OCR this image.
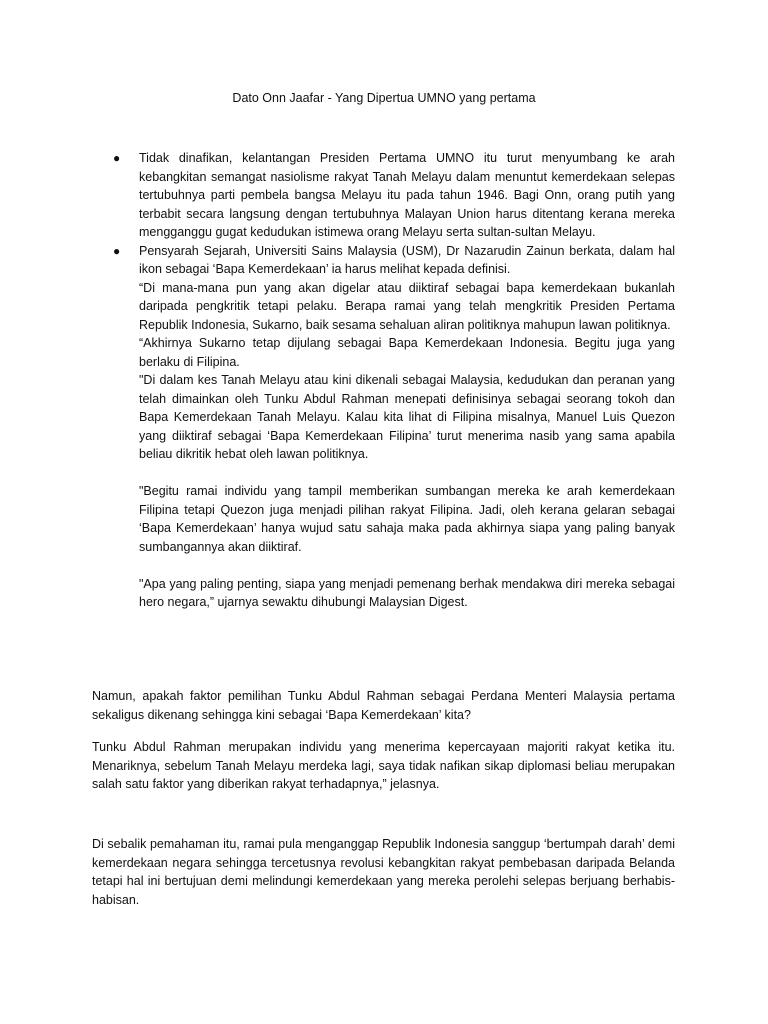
Dato Onn Jaafar - Yang Dipertua UMNO yang pertama
● Tidak dinafikan, kelantangan Presiden Pertama UMNO itu turut menyumbang ke arah kebangkitan semangat nasiolisme rakyat Tanah Melayu dalam menuntut kemerdekaan selepas tertubuhnya parti pembela bangsa Melayu itu pada tahun 1946. Bagi Onn, orang putih yang terbabit secara langsung dengan tertubuhnya Malayan Union harus ditentang kerana mereka mengganggu gugat kedudukan istimewa orang Melayu serta sultan-sultan Melayu.

● Pensyarah Sejarah, Universiti Sains Malaysia (USM), Dr Nazarudin Zainun berkata, dalam hal ikon sebagai ‘Bapa Kemerdekaan’ ia harus melihat kepada definisi.

“Di mana-mana pun yang akan digelar atau diiktiraf sebagai bapa kemerdekaan bukanlah daripada pengkritik tetapi pelaku. Berapa ramai yang telah mengkritik Presiden Pertama Republik Indonesia, Sukarno, baik sesama sehaluan aliran politiknya mahupun lawan politiknya.

“Akhirnya Sukarno tetap dijulang sebagai Bapa Kemerdekaan Indonesia. Begitu juga yang berlaku di Filipina.

"Di dalam kes Tanah Melayu atau kini dikenali sebagai Malaysia, kedudukan dan peranan yang telah dimainkan oleh Tunku Abdul Rahman menepati definisinya sebagai seorang tokoh dan Bapa Kemerdekaan Tanah Melayu. Kalau kita lihat di Filipina misalnya, Manuel Luis Quezon yang diiktiraf sebagai ‘Bapa Kemerdekaan Filipina’ turut menerima nasib yang sama apabila beliau dikritik hebat oleh lawan politiknya.

"Begitu ramai individu yang tampil memberikan sumbangan mereka ke arah kemerdekaan Filipina tetapi Quezon juga menjadi pilihan rakyat Filipina. Jadi, oleh kerana gelaran sebagai ‘Bapa Kemerdekaan’ hanya wujud satu sahaja maka pada akhirnya siapa yang paling banyak sumbangannya akan diiktiraf.

"Apa yang paling penting, siapa yang menjadi pemenang berhak mendakwa diri mereka sebagai hero negara,” ujarnya sewaktu dihubungi Malaysian Digest.

Namun, apakah faktor pemilihan Tunku Abdul Rahman sebagai Perdana Menteri Malaysia pertama sekaligus dikenang sehingga kini sebagai ‘Bapa Kemerdekaan’ kita?

Tunku Abdul Rahman merupakan individu yang menerima kepercayaan majoriti rakyat ketika itu. Menariknya, sebelum Tanah Melayu merdeka lagi, saya tidak nafikan sikap diplomasi beliau merupakan salah satu faktor yang diberikan rakyat terhadapnya,” jelasnya.

Di sebalik pemahaman itu, ramai pula menganggap Republik Indonesia sanggup ‘bertumpah darah’ demi kemerdekaan negara sehingga tercetusnya revolusi kebangkitan rakyat pembebasan daripada Belanda tetapi hal ini bertujuan demi melindungi kemerdekaan yang mereka perolehi selepas berjuang berhabis-habisan.
